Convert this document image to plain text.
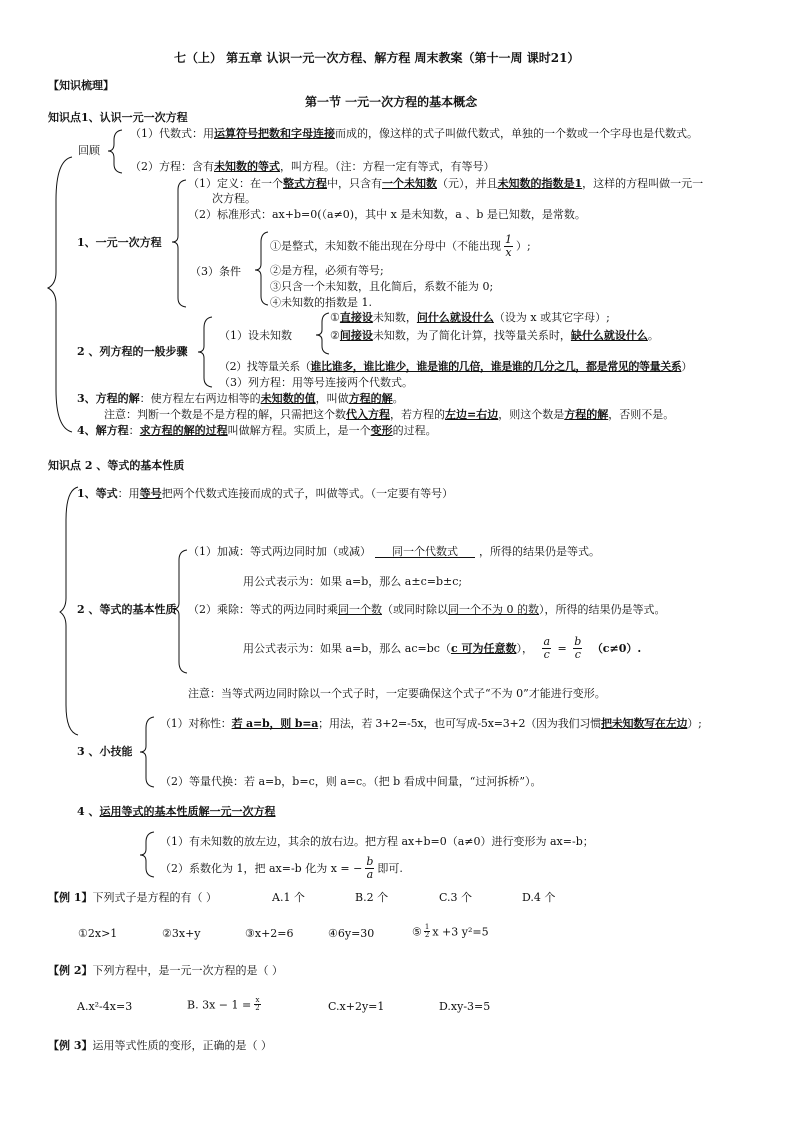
七（上） 第五章 认识一元一次方程、解方程 周末教案（第十一周 课时21）
【知识梳理】
第一节 一元一次方程的基本概念
知识点1、认识一元一次方程
回顾
（1）代数式：用运算符号把数和字母连接而成的，像这样的式子叫做代数式，单独的一个数或一个字母也是代数式。
（2）方程：含有未知数的等式，叫方程。（注：方程一定有等式，有等号）
1、一元一次方程
（1）定义：在一个整式方程中，只含有一个未知数（元），并且未知数的指数是1，这样的方程叫做一元一
次方程。
（2）标准形式：ax+b=0(（a≠0)，其中 x 是未知数，a 、b 是已知数，是常数。
（3）条件
①是整式，未知数不能出现在分母中（不能出现 $\frac{1}{x}$ ）;
②是方程，必须有等号;
③只含一个未知数，且化简后，系数不能为 0;
④未知数的指数是 1.
2 、列方程的一般步骤
（1）设未知数
①直接设未知数，问什么就设什么（设为 x 或其它字母）;
②间接设未知数，为了简化计算，找等量关系时，缺什么就设什么。
（2）找等量关系（谁比谁多，谁比谁少，谁是谁的几倍，谁是谁的几分之几，都是常见的等量关系）
（3）列方程：用等号连接两个代数式。
3、方程的解：使方程左右两边相等的未知数的值，叫做方程的解。
注意：判断一个数是不是方程的解，只需把这个数代入方程，若方程的左边=右边，则这个数是方程的解，否则不是。
4、解方程：求方程的解的过程叫做解方程。实质上，是一个变形的过程。
知识点 2 、等式的基本性质
1、等式：用等号把两个代数式连接而成的式子，叫做等式。（一定要有等号）
2 、等式的基本性质
（1）加减：等式两边同时加（或减） 同一个代数式 ，所得的结果仍是等式。
用公式表示为：如果 a=b，那么 a±c=b±c;
（2）乘除：等式的两边同时乘同一个数（或同时除以同一个不为 0 的数），所得的结果仍是等式。
用公式表示为：如果 a=b，那么 ac=bc（c 可为任意数）， $\frac{a}{c} = \frac{b}{c} (c\ne 0)$.
注意：当等式两边同时除以一个式子时，一定要确保这个式子“不为 0”才能进行变形。
3 、小技能
（1）对称性：若 a=b，则 b=a；用法，若 3+2=-5x，也可写成-5x=3+2（因为我们习惯把未知数写在左边）;
（2）等量代换：若 a=b，b=c，则 a=c。（把 b 看成中间量，“过河拆桥”）。
4 、运用等式的基本性质解一元一次方程
（1）有未知数的放左边，其余的放右边。把方程 ax+b=0（a≠0）进行变形为 ax=-b；
（2）系数化为 1，把 ax=-b 化为 x = − $\frac{b}{a}$ 即可.
【例 1】下列式子是方程的有（ ）	A.1 个	B.2 个	C.3 个	D.4 个
①2x>1	②3x+y	③x+2=6	④6y=30	⑤ $\frac{1}{2}$ x +3 y²=5
【例 2】下列方程中，是一元一次方程的是（ ）
A.x²-4x=3	B. $3x - 1 = \frac{x}{2}$	C.x+2y=1	D.xy-3=5
【例 3】运用等式性质的变形，正确的是（ ）
